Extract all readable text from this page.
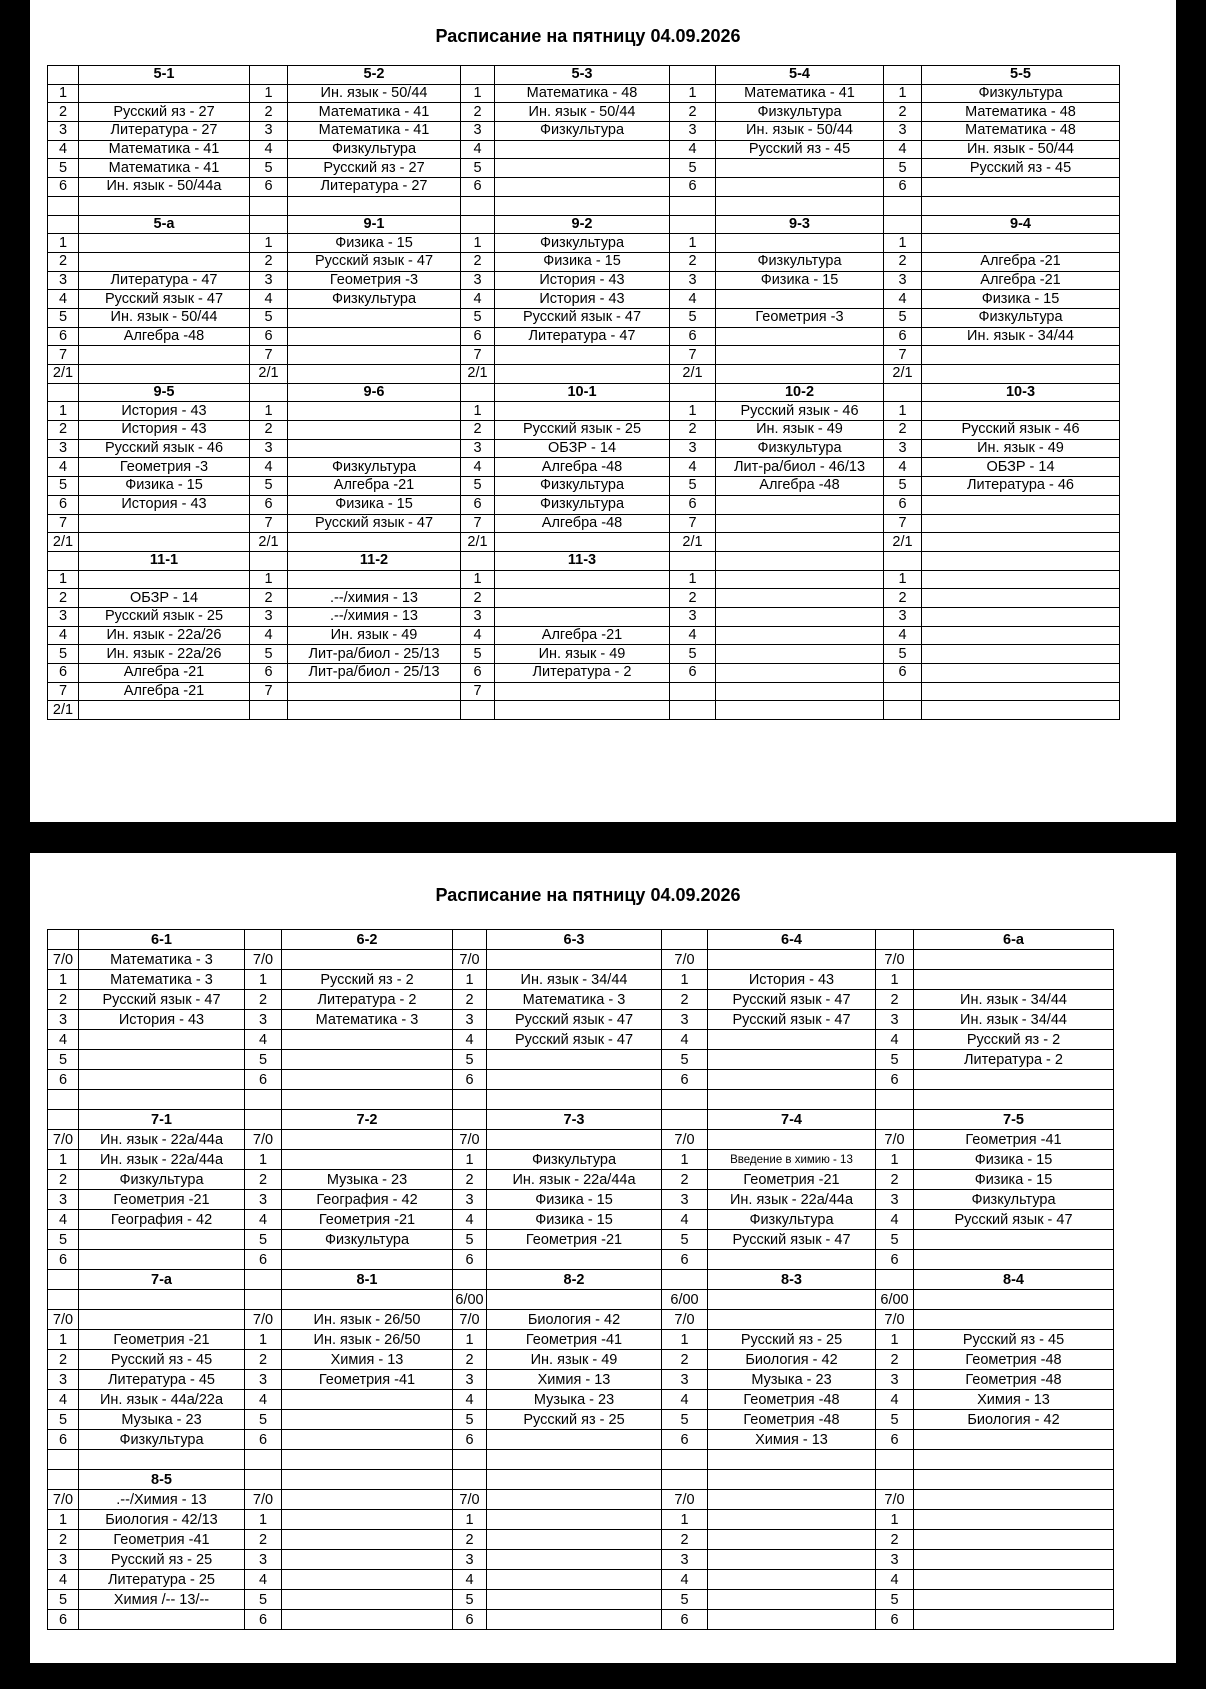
Расписание на пятницу 04.09.2026
	5-1		5-2		5-3		5-4		5-5
1		1	Ин. язык - 50/44	1	Математика - 48	1	Математика - 41	1	Физкультура
2	Русский яз - 27	2	Математика - 41	2	Ин. язык - 50/44	2	Физкультура	2	Математика - 48
3	Литература - 27	3	Математика - 41	3	Физкультура	3	Ин. язык - 50/44	3	Математика - 48
4	Математика - 41	4	Физкультура	4		4	Русский яз - 45	4	Ин. язык - 50/44
5	Математика - 41	5	Русский яз - 27	5		5		5	Русский яз - 45
6	Ин. язык - 50/44а	6	Литература - 27	6		6		6	

	5-а		9-1		9-2		9-3		9-4
1		1	Физика - 15	1	Физкультура	1		1	
2		2	Русский язык - 47	2	Физика - 15	2	Физкультура	2	Алгебра -21
3	Литература - 47	3	Геометрия -3	3	История - 43	3	Физика - 15	3	Алгебра -21
4	Русский язык - 47	4	Физкультура	4	История - 43	4		4	Физика - 15
5	Ин. язык - 50/44	5		5	Русский язык - 47	5	Геометрия -3	5	Физкультура
6	Алгебра -48	6		6	Литература - 47	6		6	Ин. язык - 34/44
7		7		7		7		7	
2/1		2/1		2/1		2/1		2/1	
	9-5		9-6		10-1		10-2		10-3
1	История - 43	1		1		1	Русский язык - 46	1	
2	История - 43	2		2	Русский язык - 25	2	Ин. язык - 49	2	Русский язык - 46
3	Русский язык - 46	3		3	ОБЗР - 14	3	Физкультура	3	Ин. язык - 49
4	Геометрия -3	4	Физкультура	4	Алгебра -48	4	Лит-ра/биол - 46/13	4	ОБЗР - 14
5	Физика - 15	5	Алгебра -21	5	Физкультура	5	Алгебра -48	5	Литература - 46
6	История - 43	6	Физика - 15	6	Физкультура	6		6	
7		7	Русский язык - 47	7	Алгебра -48	7		7	
2/1		2/1		2/1		2/1		2/1	
	11-1		11-2		11-3				
1		1		1		1		1	
2	ОБЗР - 14	2	.--/химия - 13	2		2		2	
3	Русский язык - 25	3	.--/химия - 13	3		3		3	
4	Ин. язык - 22а/26	4	Ин. язык - 49	4	Алгебра -21	4		4	
5	Ин. язык - 22а/26	5	Лит-ра/биол - 25/13	5	Ин. язык - 49	5		5	
6	Алгебра -21	6	Лит-ра/биол - 25/13	6	Литература - 2	6		6	
7	Алгебра -21	7		7					
2/1									
Расписание на пятницу 04.09.2026
	6-1		6-2		6-3		6-4		6-а
7/0	Математика - 3	7/0		7/0		7/0		7/0	
1	Математика - 3	1	Русский яз - 2	1	Ин. язык - 34/44	1	История - 43	1	
2	Русский язык - 47	2	Литература - 2	2	Математика - 3	2	Русский язык - 47	2	Ин. язык - 34/44
3	История - 43	3	Математика - 3	3	Русский язык - 47	3	Русский язык - 47	3	Ин. язык - 34/44
4		4		4	Русский язык - 47	4		4	Русский яз - 2
5		5		5		5		5	Литература - 2
6		6		6		6		6	

	7-1		7-2		7-3		7-4		7-5
7/0	Ин. язык - 22а/44а	7/0		7/0		7/0		7/0	Геометрия -41
1	Ин. язык - 22а/44а	1		1	Физкультура	1	Введение в химию - 13	1	Физика - 15
2	Физкультура	2	Музыка - 23	2	Ин. язык - 22а/44а	2	Геометрия -21	2	Физика - 15
3	Геометрия -21	3	География - 42	3	Физика - 15	3	Ин. язык - 22а/44а	3	Физкультура
4	География - 42	4	Геометрия -21	4	Физика - 15	4	Физкультура	4	Русский язык - 47
5		5	Физкультура	5	Геометрия -21	5	Русский язык - 47	5	
6		6		6		6		6	
	7-а		8-1		8-2		8-3		8-4
				6/00		6/00		6/00	
7/0		7/0	Ин. язык - 26/50	7/0	Биология - 42	7/0		7/0	
1	Геометрия -21	1	Ин. язык - 26/50	1	Геометрия -41	1	Русский яз - 25	1	Русский яз - 45
2	Русский яз - 45	2	Химия - 13	2	Ин. язык - 49	2	Биология - 42	2	Геометрия -48
3	Литература - 45	3	Геометрия -41	3	Химия - 13	3	Музыка - 23	3	Геометрия -48
4	Ин. язык - 44а/22а	4		4	Музыка - 23	4	Геометрия -48	4	Химия - 13
5	Музыка - 23	5		5	Русский яз - 25	5	Геометрия -48	5	Биология - 42
6	Физкультура	6		6		6	Химия - 13	6	

	8-5								
7/0	.--/Химия - 13	7/0		7/0		7/0		7/0	
1	Биология - 42/13	1		1		1		1	
2	Геометрия -41	2		2		2		2	
3	Русский яз - 25	3		3		3		3	
4	Литература - 25	4		4		4		4	
5	Химия /-- 13/--	5		5		5		5	
6		6		6		6		6	
